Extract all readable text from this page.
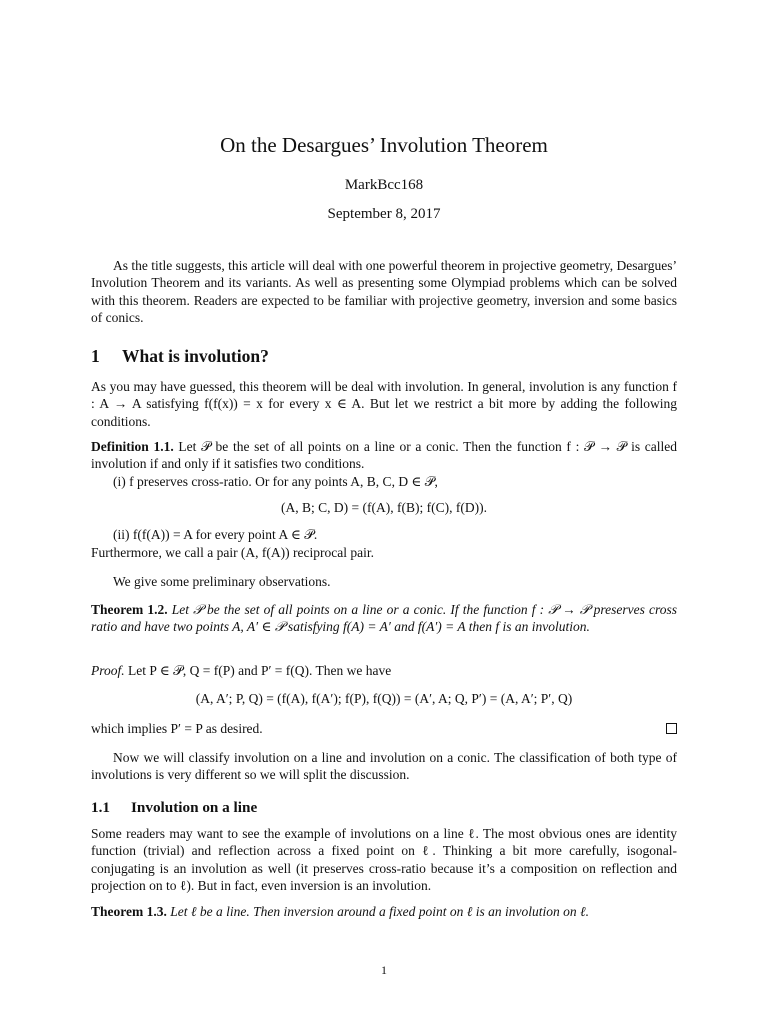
On the Desargues’ Involution Theorem
MarkBcc168
September 8, 2017

As the title suggests, this article will deal with one powerful theorem in projective geometry, Desargues’ Involution Theorem and its variants. As well as presenting some Olympiad problems which can be solved with this theorem. Readers are expected to be familiar with projective geometry, inversion and some basics of conics.

1 What is involution?

As you may have guessed, this theorem will be deal with involution. In general, involution is any function f : A → A satisfying f(f(x)) = x for every x ∈ A. But let we restrict a bit more by adding the following conditions.

Definition 1.1. Let 𝒫 be the set of all points on a line or a conic. Then the function f : 𝒫 → 𝒫 is called involution if and only if it satisfies two conditions.

(i) f preserves cross-ratio. Or for any points A, B, C, D ∈ 𝒫,

(A, B; C, D) = (f(A), f(B); f(C), f(D)).

(ii) f(f(A)) = A for every point A ∈ 𝒫.

Furthermore, we call a pair (A, f(A)) reciprocal pair.

We give some preliminary observations.

Theorem 1.2. Let 𝒫 be the set of all points on a line or a conic. If the function f : 𝒫 → 𝒫 preserves cross ratio and have two points A, A′ ∈ 𝒫 satisfying f(A) = A′ and f(A′) = A then f is an involution.

Proof. Let P ∈ 𝒫, Q = f(P) and P′ = f(Q). Then we have

(A, A′; P, Q) = (f(A), f(A′); f(P), f(Q)) = (A′, A; Q, P′) = (A, A′; P′, Q)

which implies P′ = P as desired.

Now we will classify involution on a line and involution on a conic. The classification of both type of involutions is very different so we will split the discussion.

1.1 Involution on a line

Some readers may want to see the example of involutions on a line ℓ. The most obvious ones are identity function (trivial) and reflection across a fixed point on ℓ. Thinking a bit more carefully, isogonal-conjugating is an involution as well (it preserves cross-ratio because it’s a composition on reflection and projection on to ℓ). But in fact, even inversion is an involution.

Theorem 1.3. Let ℓ be a line. Then inversion around a fixed point on ℓ is an involution on ℓ.

1
